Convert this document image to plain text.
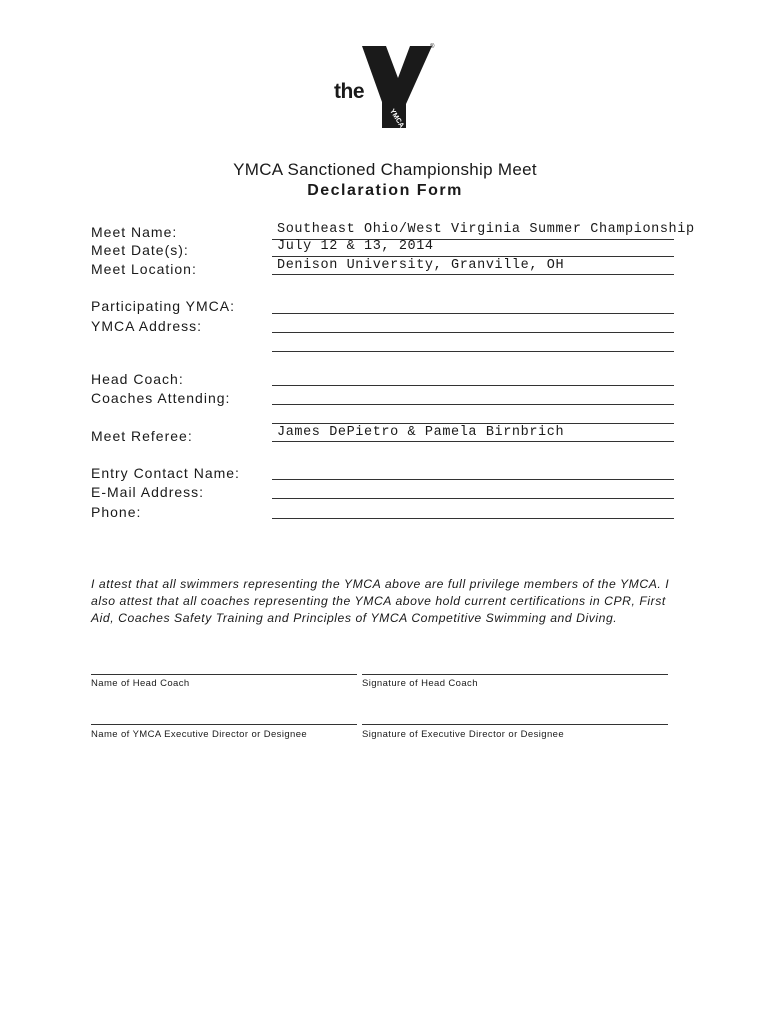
the
YMCA
®
YMCA Sanctioned Championship Meet
Declaration Form
Meet Name:	Southeast Ohio/West Virginia Summer Championship
Meet Date(s):	July 12 & 13, 2014
Meet Location:	Denison University, Granville, OH
Participating YMCA:
YMCA Address:
Head Coach:
Coaches Attending:
Meet Referee:	James DePietro & Pamela Birnbrich
Entry Contact Name:
E-Mail Address:
Phone:
I attest that all swimmers representing the YMCA above are full privilege members of the YMCA. I also attest that all coaches representing the YMCA above hold current certifications in CPR, First Aid, Coaches Safety Training and Principles of YMCA Competitive Swimming and Diving.
Name of Head Coach	Signature of Head Coach
Name of YMCA Executive Director or Designee	Signature of Executive Director or Designee
